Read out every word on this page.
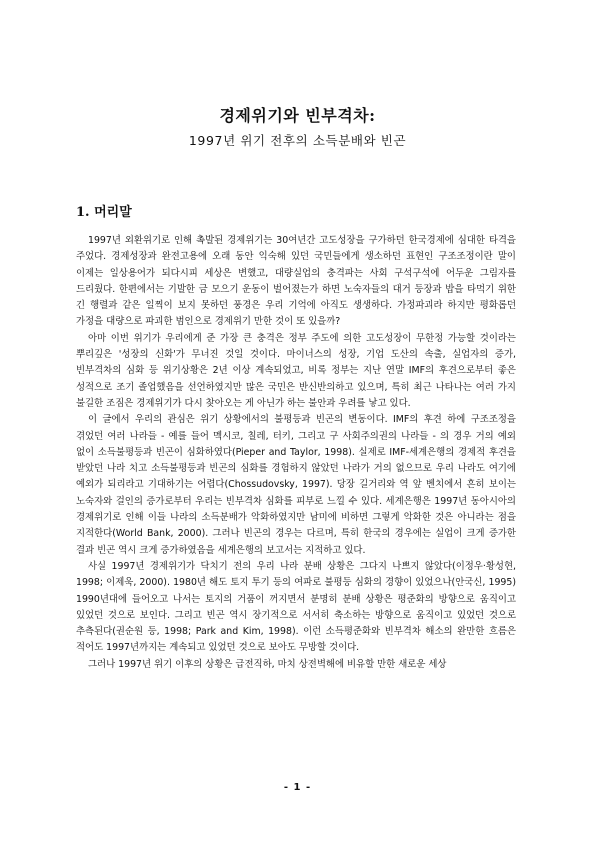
경제위기와 빈부격차:
1997년 위기 전후의 소득분배와 빈곤
1. 머리말

1997년 외환위기로 인해 촉발된 경제위기는 30여년간 고도성장을 구가하던 한국경제에 심대한 타격을 주었다. 경제성장과 완전고용에 오래 동안 익숙해 있던 국민들에게 생소하던 표현인 구조조정이란 말이 이제는 일상용어가 되다시피 세상은 변했고, 대량실업의 충격파는 사회 구석구석에 어두운 그림자를 드리웠다. 한편에서는 기발한 금 모으기 운동이 벌어졌는가 하면 노숙자들의 대거 등장과 밥을 타먹기 위한 긴 행렬과 같은 일찍이 보지 못하던 풍경은 우리 기억에 아직도 생생하다. 가정파괴라 하지만 평화롭던 가정을 대량으로 파괴한 범인으로 경제위기 만한 것이 또 있을까?

아마 이번 위기가 우리에게 준 가장 큰 충격은 정부 주도에 의한 고도성장이 무한정 가능할 것이라는 뿌리깊은 '성장의 신화'가 무너진 것일 것이다. 마이너스의 성장, 기업 도산의 속출, 실업자의 증가, 빈부격차의 심화 등 위기상황은 2년 이상 계속되었고, 비록 정부는 지난 연말 IMF의 후견으로부터 좋은 성적으로 조기 졸업했음을 선언하였지만 많은 국민은 반신반의하고 있으며, 특히 최근 나타나는 여러 가지 불길한 조짐은 경제위기가 다시 찾아오는 게 아닌가 하는 불안과 우려를 낳고 있다.

이 글에서 우리의 관심은 위기 상황에서의 불평등과 빈곤의 변동이다. IMF의 후견 하에 구조조정을 겪었던 여러 나라들 - 예를 들어 멕시코, 칠레, 터키, 그리고 구 사회주의권의 나라들 - 의 경우 거의 예외 없이 소득불평등과 빈곤이 심화하였다(Pieper and Taylor, 1998). 실제로 IMF-세계은행의 경제적 후견을 받았던 나라 치고 소득불평등과 빈곤의 심화를 경험하지 않았던 나라가 거의 없으므로 우리 나라도 여기에 예외가 되리라고 기대하기는 어렵다(Chossudovsky, 1997). 당장 길거리와 역 앞 벤치에서 흔히 보이는 노숙자와 걸인의 증가로부터 우리는 빈부격차 심화를 피부로 느낄 수 있다. 세계은행은 1997년 동아시아의 경제위기로 인해 이들 나라의 소득분배가 악화하였지만 남미에 비하면 그렇게 악화한 것은 아니라는 점을 지적한다(World Bank, 2000). 그러나 빈곤의 경우는 다르며, 특히 한국의 경우에는 실업이 크게 증가한 결과 빈곤 역시 크게 증가하였음을 세계은행의 보고서는 지적하고 있다.

사실 1997년 경제위기가 닥치기 전의 우리 나라 분배 상황은 그다지 나쁘지 않았다(이정우·황성현, 1998; 이제욱, 2000). 1980년 해도 토지 투기 등의 여파로 불평등 심화의 경향이 있었으나(안국신, 1995) 1990년대에 들어오고 나서는 토지의 거품이 꺼지면서 분명히 분배 상황은 평준화의 방향으로 움직이고 있었던 것으로 보인다. 그리고 빈곤 역시 장기적으로 서서히 축소하는 방향으로 움직이고 있었던 것으로 추측된다(권순원 등, 1998; Park and Kim, 1998). 이런 소득평준화와 빈부격차 해소의 완만한 흐름은 적어도 1997년까지는 계속되고 있었던 것으로 보아도 무방할 것이다.

그러나 1997년 위기 이후의 상황은 급전직하, 마치 상전벽해에 비유할 만한 새로운 세상

- 1 -
